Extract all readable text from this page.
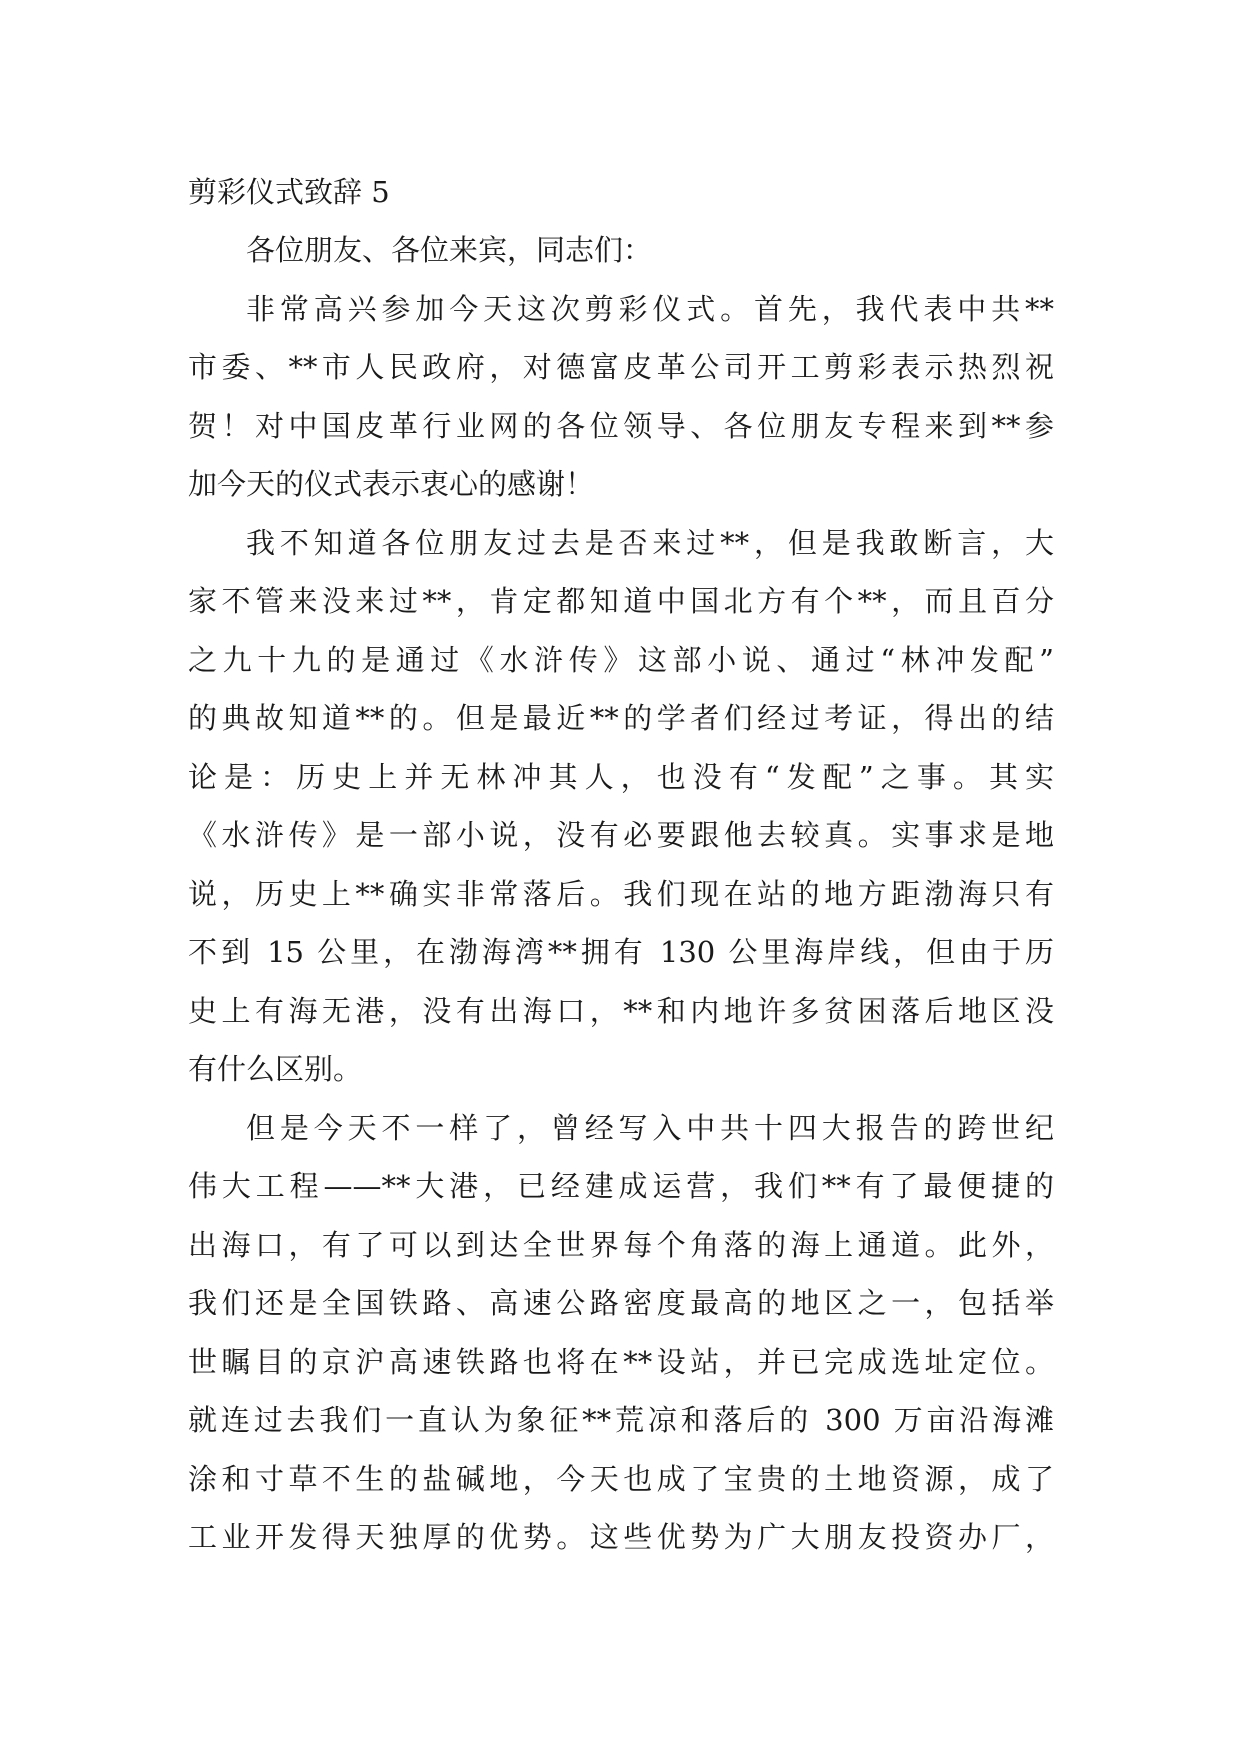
剪彩仪式致辞 5
各位朋友、各位来宾，同志们：
非常高兴参加今天这次剪彩仪式。首先，我代表中共**
市委、**市人民政府，对德富皮革公司开工剪彩表示热烈祝
贺！对中国皮革行业网的各位领导、各位朋友专程来到**参
加今天的仪式表示衷心的感谢！
我不知道各位朋友过去是否来过**，但是我敢断言，大
家不管来没来过**，肯定都知道中国北方有个**，而且百分
之九十九的是通过《水浒传》这部小说、通过“林冲发配”
的典故知道**的。但是最近**的学者们经过考证，得出的结
论是：历史上并无林冲其人，也没有“发配”之事。其实
《水浒传》是一部小说，没有必要跟他去较真。实事求是地
说，历史上**确实非常落后。我们现在站的地方距渤海只有
不到 15 公里，在渤海湾**拥有 130 公里海岸线，但由于历
史上有海无港，没有出海口，**和内地许多贫困落后地区没
有什么区别。
但是今天不一样了，曾经写入中共十四大报告的跨世纪
伟大工程——**大港，已经建成运营，我们**有了最便捷的
出海口，有了可以到达全世界每个角落的海上通道。此外，
我们还是全国铁路、高速公路密度最高的地区之一，包括举
世瞩目的京沪高速铁路也将在**设站，并已完成选址定位。
就连过去我们一直认为象征**荒凉和落后的 300 万亩沿海滩
涂和寸草不生的盐碱地，今天也成了宝贵的土地资源，成了
工业开发得天独厚的优势。这些优势为广大朋友投资办厂，
